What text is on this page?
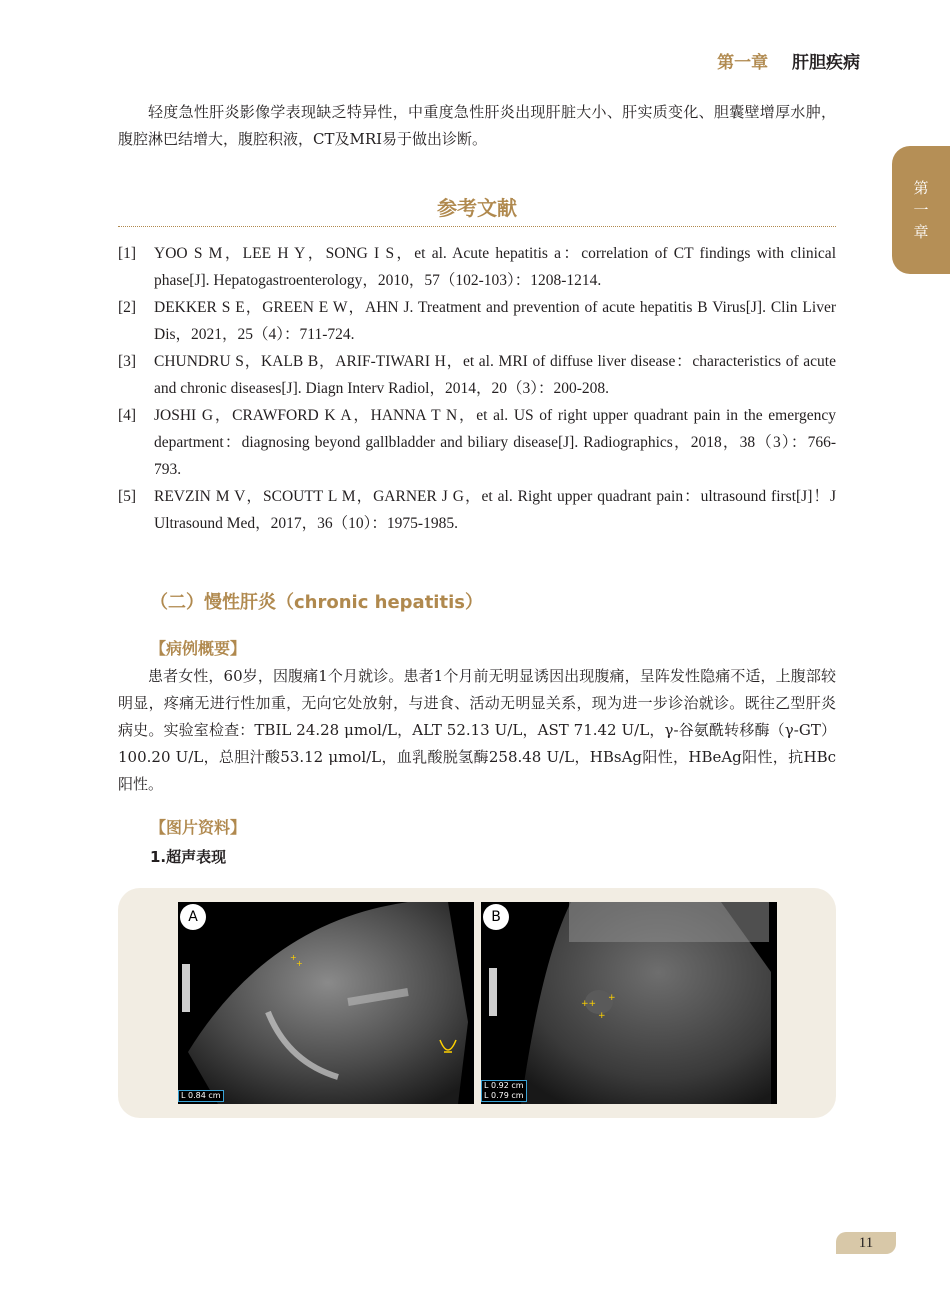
第一章 肝胆疾病
第
一
章
轻度急性肝炎影像学表现缺乏特异性，中重度急性肝炎出现肝脏大小、肝实质变化、胆囊壁增厚水肿，腹腔淋巴结增大，腹腔积液，CT及MRI易于做出诊断。
参考文献
[1]	YOO S M，LEE H Y，SONG I S，et al. Acute hepatitis a：correlation of CT findings with clinical phase[J]. Hepatogastroenterology，2010，57（102-103）：1208-1214.
[2]	DEKKER S E，GREEN E W，AHN J. Treatment and prevention of acute hepatitis B Virus[J]. Clin Liver Dis，2021，25（4）：711-724.
[3]	CHUNDRU S，KALB B，ARIF-TIWARI H，et al. MRI of diffuse liver disease：characteristics of acute and chronic diseases[J]. Diagn Interv Radiol，2014，20（3）：200-208.
[4]	JOSHI G，CRAWFORD K A，HANNA T N，et al. US of right upper quadrant pain in the emergency department：diagnosing beyond gallbladder and biliary disease[J]. Radiographics，2018，38（3）：766-793.
[5]	REVZIN M V，SCOUTT L M，GARNER J G，et al. Right upper quadrant pain：ultrasound first[J]！J Ultrasound Med，2017，36（10）：1975-1985.
（二）慢性肝炎（chronic hepatitis）
【病例概要】
患者女性，60岁，因腹痛1个月就诊。患者1个月前无明显诱因出现腹痛，呈阵发性隐痛不适，上腹部较明显，疼痛无进行性加重，无向它处放射，与进食、活动无明显关系，现为进一步诊治就诊。既往乙型肝炎病史。实验室检查：TBIL 24.28 μmol/L，ALT 52.13 U/L，AST 71.42 U/L，γ-谷氨酰转移酶（γ-GT）100.20 U/L，总胆汁酸53.12 μmol/L，血乳酸脱氢酶258.48 U/L，HBsAg阳性，HBeAg阳性，抗HBc阳性。
【图片资料】
1.超声表现
+
+
A
L 0.84 cm
++
+
+
B
L 0.92 cm
L 0.79 cm
11
